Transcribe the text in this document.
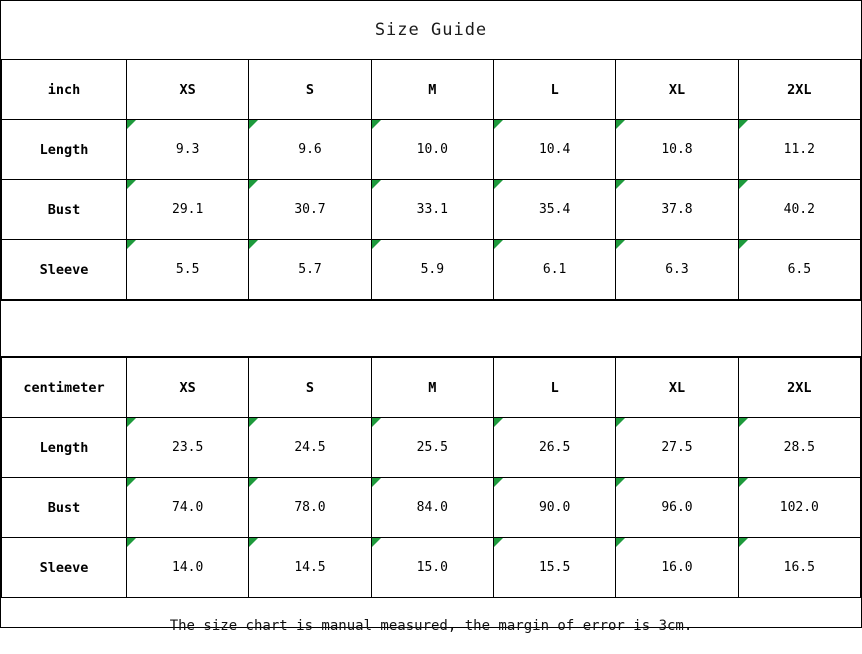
Size Guide
inch	XS	S	M	L	XL	2XL
Length	9.3	9.6	10.0	10.4	10.8	11.2
Bust	29.1	30.7	33.1	35.4	37.8	40.2
Sleeve	5.5	5.7	5.9	6.1	6.3	6.5
centimeter	XS	S	M	L	XL	2XL
Length	23.5	24.5	25.5	26.5	27.5	28.5
Bust	74.0	78.0	84.0	90.0	96.0	102.0
Sleeve	14.0	14.5	15.0	15.5	16.0	16.5
The size chart is manual measured, the margin of error is 3cm.
